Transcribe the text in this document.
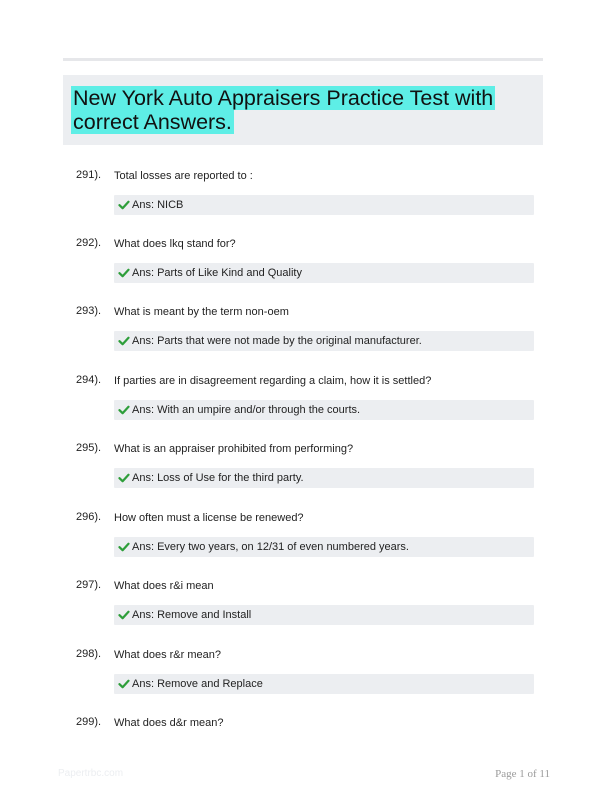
New York Auto Appraisers Practice Test with correct Answers.
291). Total losses are reported to :
Ans: NICB
292). What does lkq stand for?
Ans: Parts of Like Kind and Quality
293). What is meant by the term non-oem
Ans: Parts that were not made by the original manufacturer.
294). If parties are in disagreement regarding a claim, how it is settled?
Ans: With an umpire and/or through the courts.
295). What is an appraiser prohibited from performing?
Ans: Loss of Use for the third party.
296). How often must a license be renewed?
Ans: Every two years, on 12/31 of even numbered years.
297). What does r&i mean
Ans: Remove and Install
298). What does r&r mean?
Ans: Remove and Replace
299). What does d&r mean?
Papertrbc.com	Page 1 of 11
